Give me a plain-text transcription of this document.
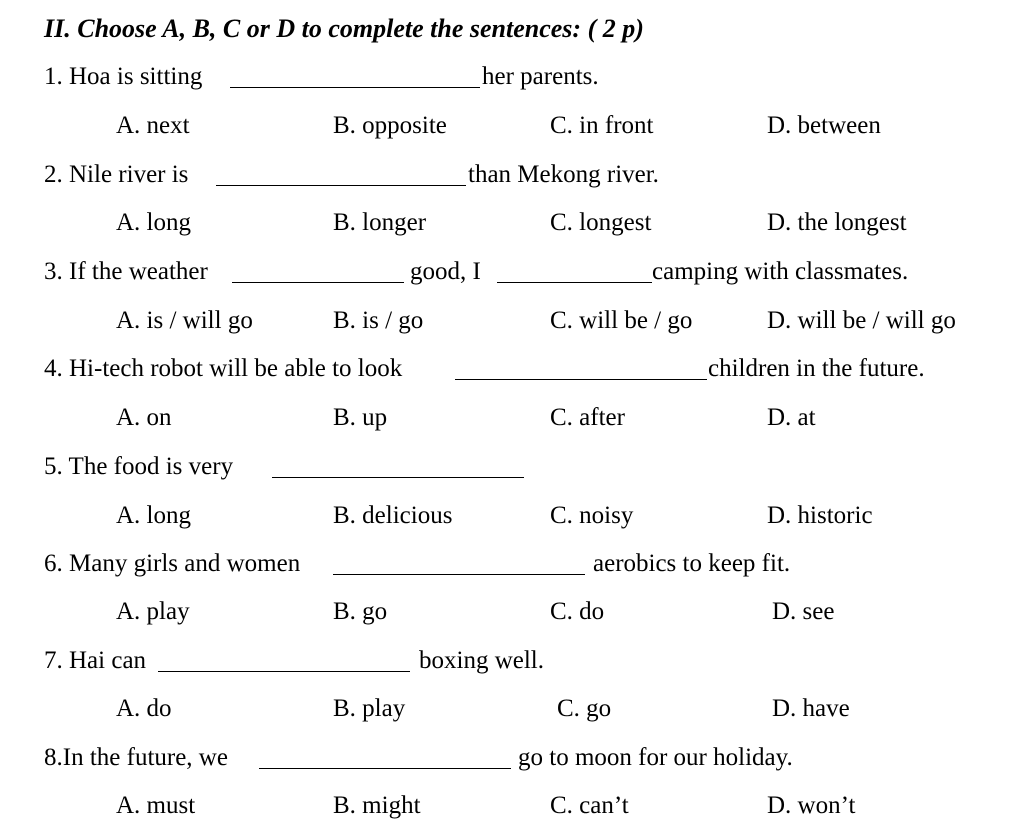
II. Choose A, B, C or D to complete the sentences: ( 2 p)
1. Hoa is sitting	her parents.
A. next	B. opposite	C. in front	D. between
2. Nile river is	than Mekong river.
A. long	B. longer	C. longest	D. the longest
3. If the weather	good, I	camping with classmates.
A. is / will go	B. is / go	C. will be / go	D. will be / will go
4. Hi-tech robot will be able to look	children in the future.
A. on	B. up	C. after	D. at
5. The food is very
A. long	B. delicious	C. noisy	D. historic
6. Many girls and women	aerobics to keep fit.
A. play	B. go	C. do	D. see
7. Hai can	boxing well.
A. do	B. play	C. go	D. have
8.In the future, we	go to moon for our holiday.
A. must	B. might	C. can’t	D. won’t
